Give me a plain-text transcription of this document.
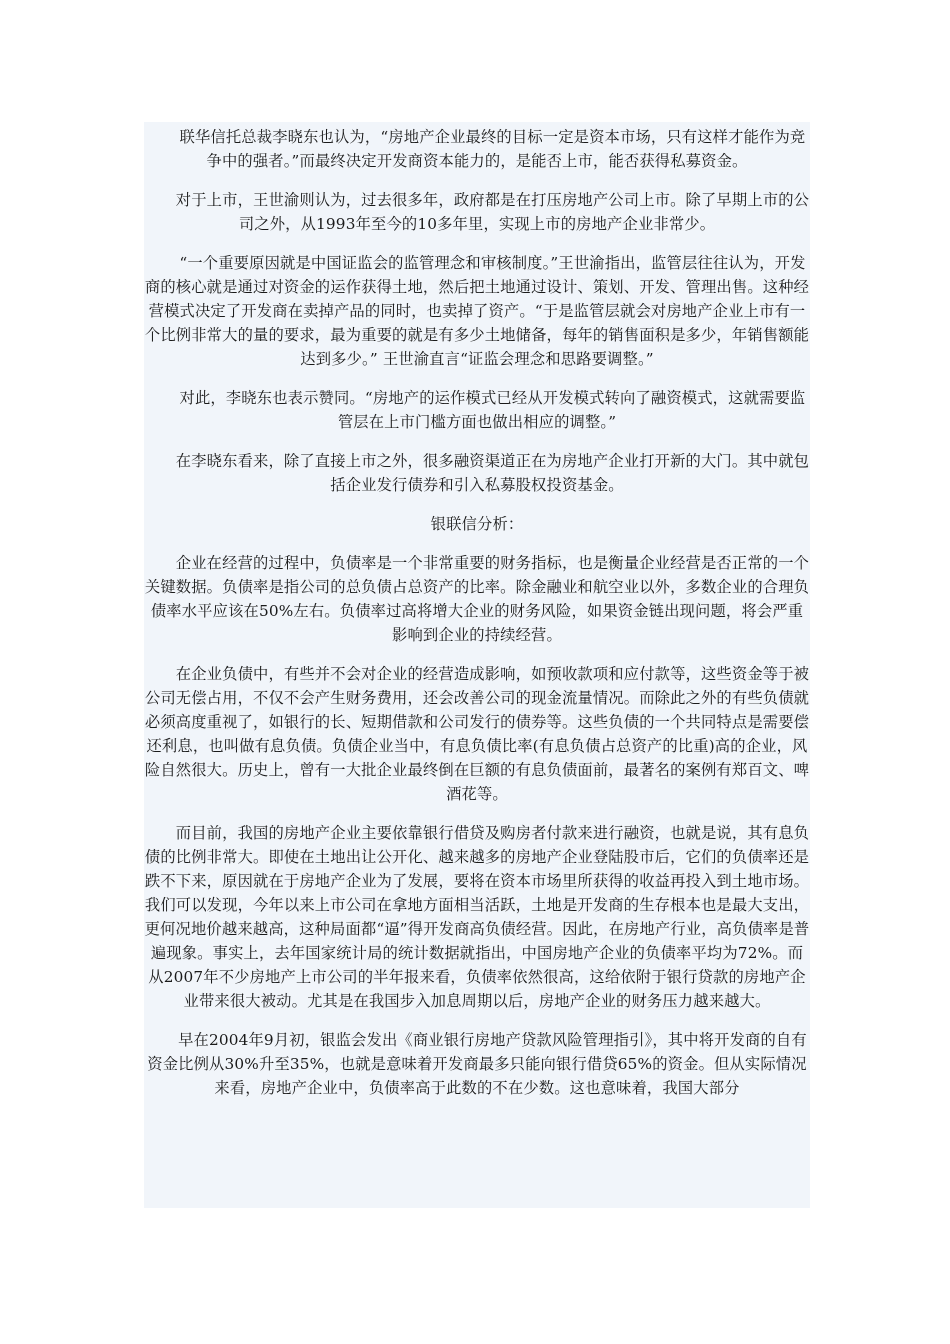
　　联华信托总裁李晓东也认为，“房地产企业最终的目标一定是资本市场，只有这样才能作为竞争中的强者。”而最终决定开发商资本能力的，是能否上市，能否获得私募资金。

　　对于上市，王世渝则认为，过去很多年，政府都是在打压房地产公司上市。除了早期上市的公司之外，从1993年至今的10多年里，实现上市的房地产企业非常少。

　　“一个重要原因就是中国证监会的监管理念和审核制度。”王世渝指出，监管层往往认为，开发商的核心就是通过对资金的运作获得土地，然后把土地通过设计、策划、开发、管理出售。这种经营模式决定了开发商在卖掉产品的同时，也卖掉了资产。“于是监管层就会对房地产企业上市有一个比例非常大的量的要求，最为重要的就是有多少土地储备，每年的销售面积是多少，年销售额能达到多少。” 王世渝直言“证监会理念和思路要调整。”

　　对此，李晓东也表示赞同。“房地产的运作模式已经从开发模式转向了融资模式，这就需要监管层在上市门槛方面也做出相应的调整。”

　　在李晓东看来，除了直接上市之外，很多融资渠道正在为房地产企业打开新的大门。其中就包括企业发行债券和引入私募股权投资基金。

银联信分析：

　　企业在经营的过程中，负债率是一个非常重要的财务指标，也是衡量企业经营是否正常的一个关键数据。负债率是指公司的总负债占总资产的比率。除金融业和航空业以外，多数企业的合理负债率水平应该在50%左右。负债率过高将增大企业的财务风险，如果资金链出现问题，将会严重影响到企业的持续经营。

　　在企业负债中，有些并不会对企业的经营造成影响，如预收款项和应付款等，这些资金等于被公司无偿占用，不仅不会产生财务费用，还会改善公司的现金流量情况。而除此之外的有些负债就必须高度重视了，如银行的长、短期借款和公司发行的债券等。这些负债的一个共同特点是需要偿还利息，也叫做有息负债。负债企业当中，有息负债比率(有息负债占总资产的比重)高的企业，风险自然很大。历史上，曾有一大批企业最终倒在巨额的有息负债面前，最著名的案例有郑百文、啤酒花等。

　　而目前，我国的房地产企业主要依靠银行借贷及购房者付款来进行融资，也就是说，其有息负债的比例非常大。即使在土地出让公开化、越来越多的房地产企业登陆股市后，它们的负债率还是跌不下来，原因就在于房地产企业为了发展，要将在资本市场里所获得的收益再投入到土地市场。我们可以发现，今年以来上市公司在拿地方面相当活跃，土地是开发商的生存根本也是最大支出，更何况地价越来越高，这种局面都“逼”得开发商高负债经营。因此，在房地产行业，高负债率是普遍现象。事实上，去年国家统计局的统计数据就指出，中国房地产企业的负债率平均为72%。而从2007年不少房地产上市公司的半年报来看，负债率依然很高，这给依附于银行贷款的房地产企业带来很大被动。尤其是在我国步入加息周期以后，房地产企业的财务压力越来越大。

　　早在2004年9月初，银监会发出《商业银行房地产贷款风险管理指引》，其中将开发商的自有资金比例从30%升至35%，也就是意味着开发商最多只能向银行借贷65%的资金。但从实际情况来看，房地产企业中，负债率高于此数的不在少数。这也意味着，我国大部分
